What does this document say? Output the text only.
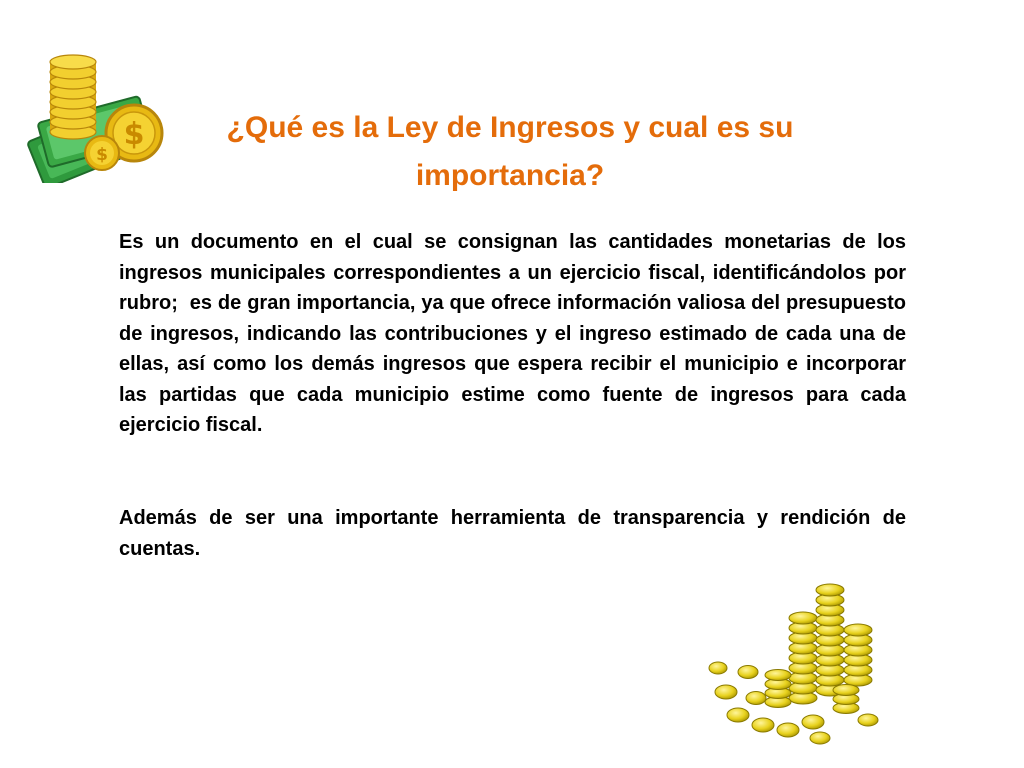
$
$
¿Qué es la Ley de Ingresos y cual es su importancia?

Es un documento en el cual se consignan las cantidades monetarias de los ingresos municipales correspondientes a un ejercicio fiscal, identificándolos por rubro;  es de gran importancia, ya que ofrece información valiosa del presupuesto de ingresos, indicando las contribuciones y el ingreso estimado de cada una de ellas, así como los demás ingresos que espera recibir el municipio e incorporar las partidas que cada municipio estime como fuente de ingresos para cada ejercicio fiscal.

Además de ser una importante herramienta de transparencia y rendición de cuentas.
